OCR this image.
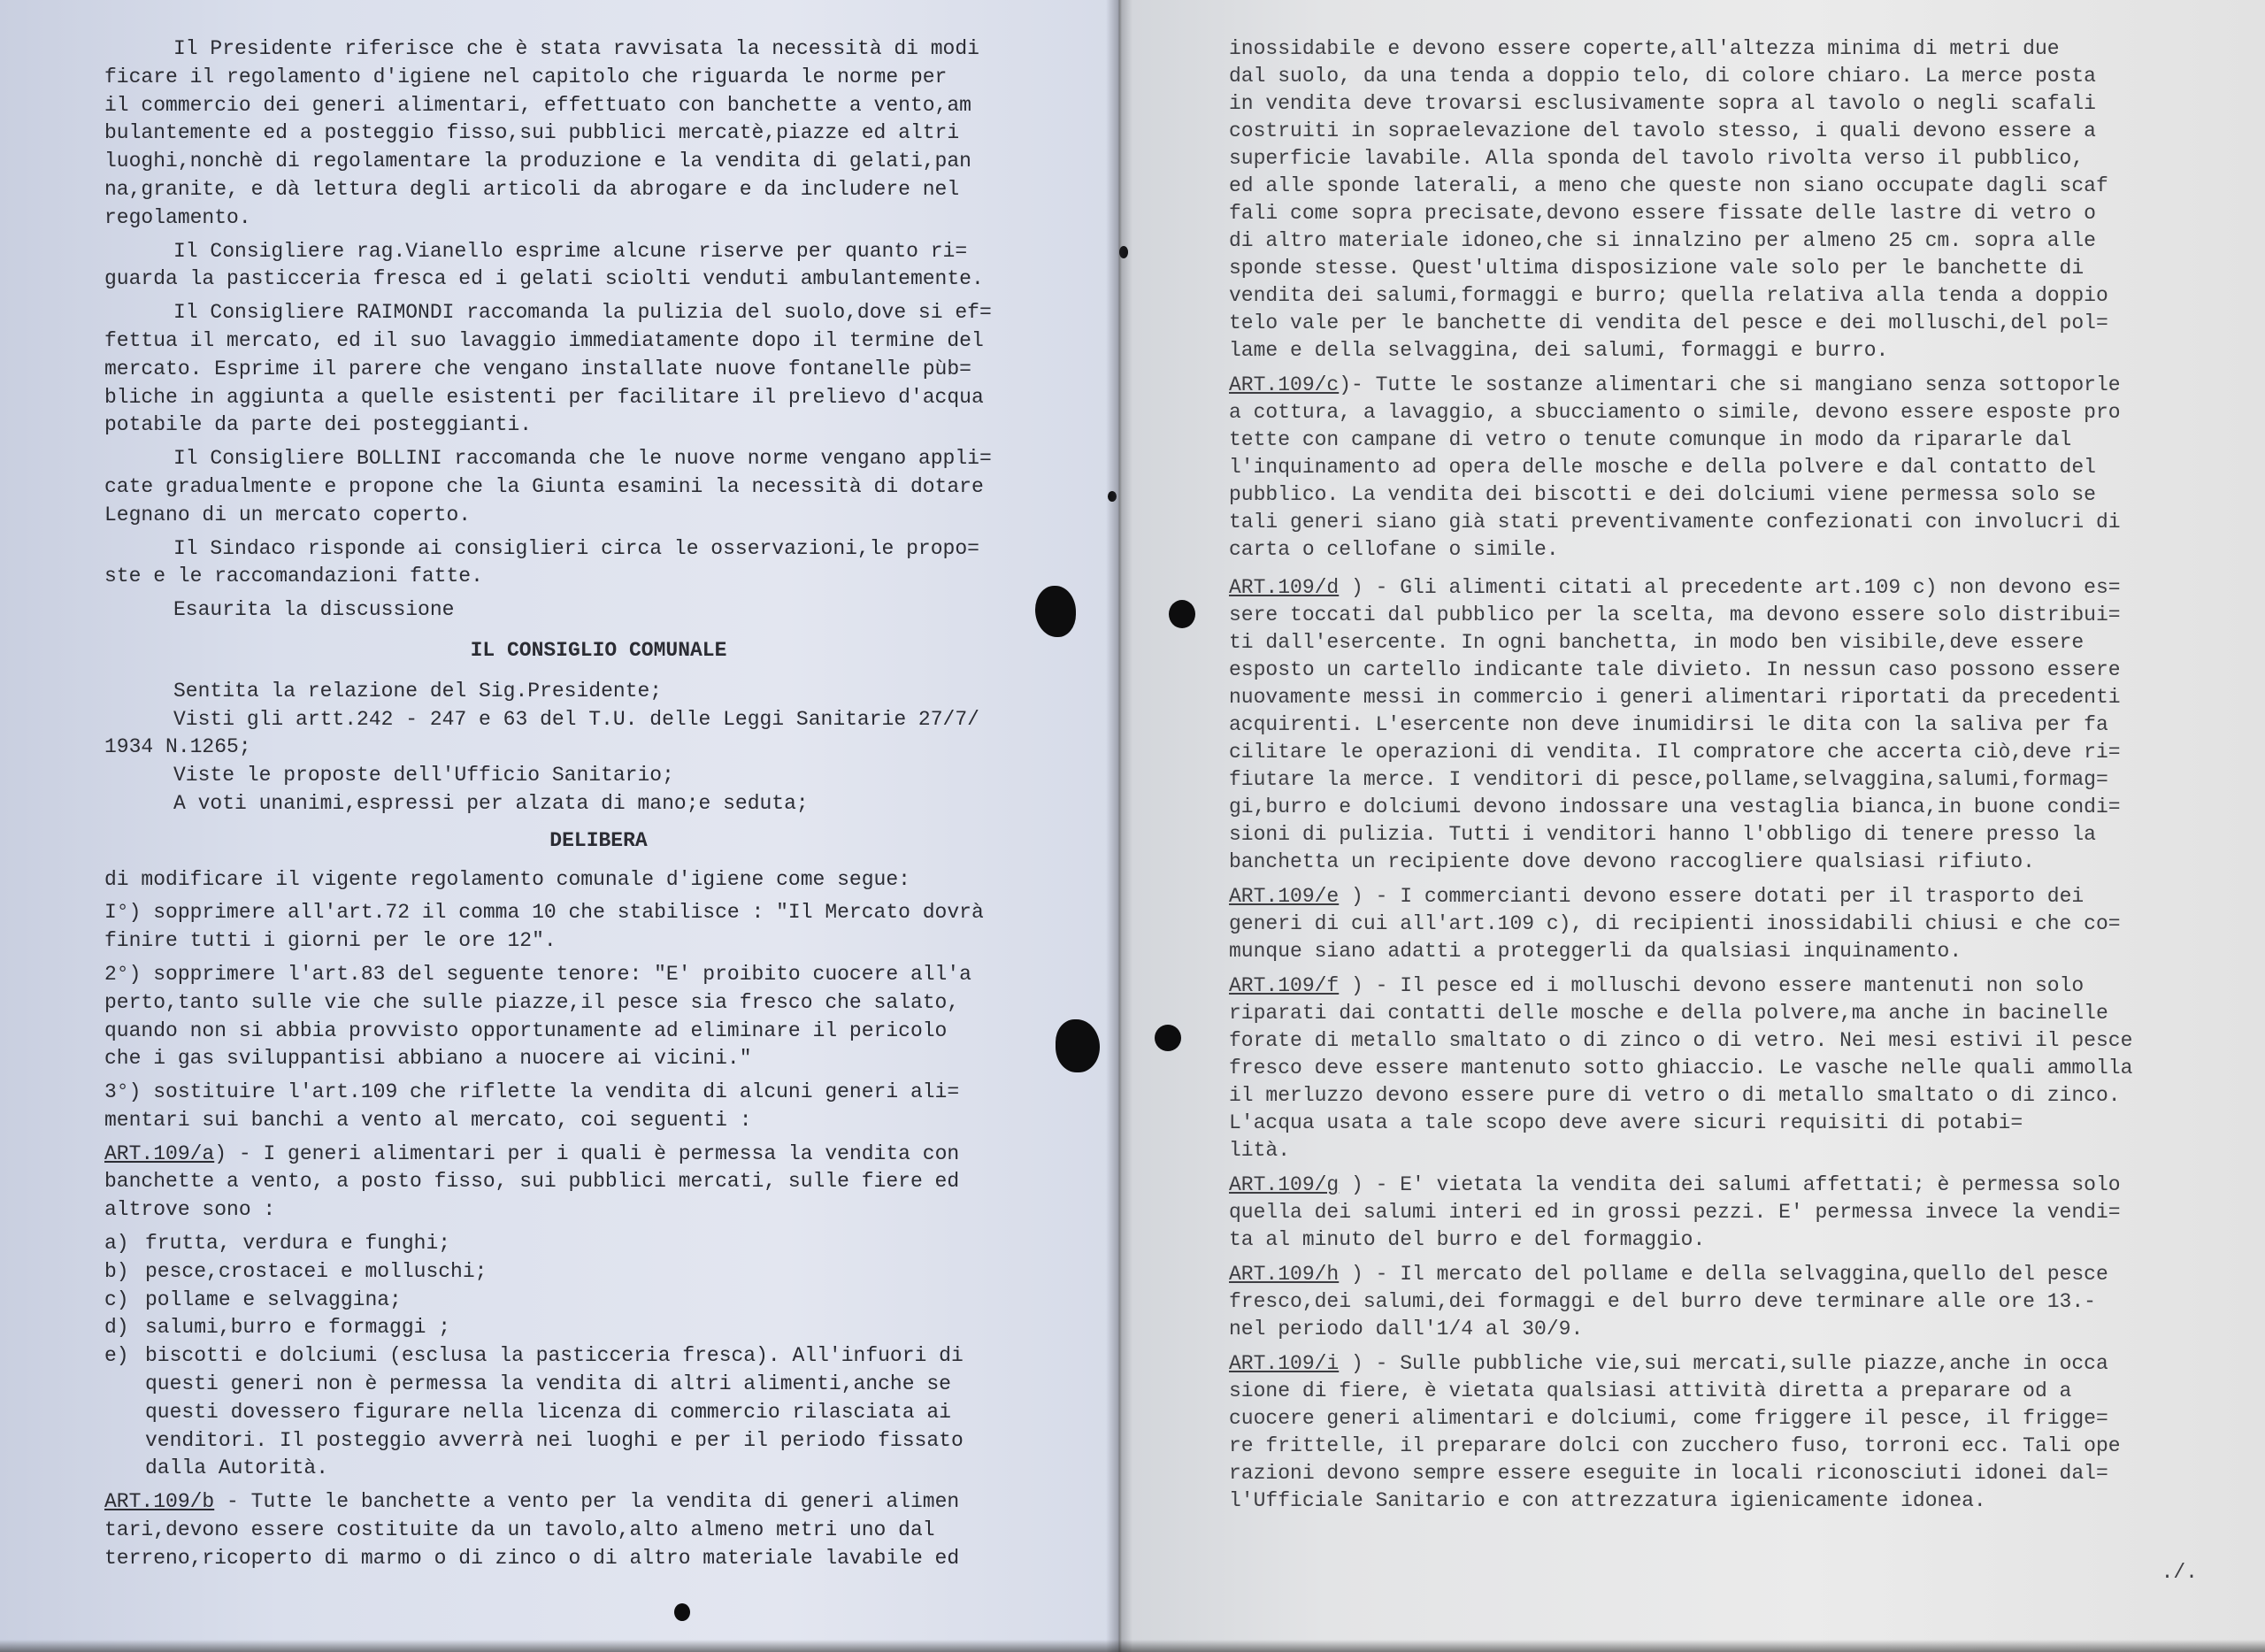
Il Presidente riferisce che è stata ravvisata la necessità di modi
ficare il regolamento d'igiene nel capitolo che riguarda le norme per
il commercio dei generi alimentari, effettuato con banchette a vento,am
bulantemente ed a posteggio fisso,sui pubblici mercatè,piazze ed altri
luoghi,nonchè di regolamentare la produzione e la vendita di gelati,pan
na,granite, e dà lettura degli articoli da abrogare e da includere nel
regolamento.

Il Consigliere rag.Vianello esprime alcune riserve per quanto ri=
guarda la pasticceria fresca ed i gelati sciolti venduti ambulantemente.

Il Consigliere RAIMONDI raccomanda la pulizia del suolo,dove si ef=
fettua il mercato, ed il suo lavaggio immediatamente dopo il termine del
mercato. Esprime il parere che vengano installate nuove fontanelle pùb=
bliche in aggiunta a quelle esistenti per facilitare il prelievo d'acqua
potabile da parte dei posteggianti.

Il Consigliere BOLLINI raccomanda che le nuove norme vengano appli=
cate gradualmente e propone che la Giunta esamini la necessità di dotare
Legnano di un mercato coperto.

Il Sindaco risponde ai consiglieri circa le osservazioni,le propo=
ste e le raccomandazioni fatte.

Esaurita la discussione

IL CONSIGLIO COMUNALE

Sentita la relazione del Sig.Presidente;

Visti gli artt.242 - 247 e 63 del T.U. delle Leggi Sanitarie 27/7/
1934 N.1265;

Viste le proposte dell'Ufficio Sanitario;

A voti unanimi,espressi per alzata di mano;e seduta;

DELIBERA

di modificare il vigente regolamento comunale d'igiene come segue:

I°) sopprimere all'art.72 il comma 10 che stabilisce : "Il Mercato dovrà
finire tutti i giorni per le ore 12".

2°) sopprimere l'art.83 del seguente tenore: "E' proibito cuocere all'a
perto,tanto sulle vie che sulle piazze,il pesce sia fresco che salato,
quando non si abbia provvisto opportunamente ad eliminare il pericolo
che i gas sviluppantisi abbiano a nuocere ai vicini."

3°) sostituire l'art.109 che riflette la vendita di alcuni generi ali=
mentari sui banchi a vento al mercato, coi seguenti :

ART.109/a) - I generi alimentari per i quali è permessa la vendita con
banchette a vento, a posto fisso, sui pubblici mercati, sulle fiere ed
altrove sono :

a) frutta, verdura e funghi;
b) pesce,crostacei e molluschi;
c) pollame e selvaggina;
d) salumi,burro e formaggi ;
e) biscotti e dolciumi (esclusa la pasticceria fresca). All'infuori di
questi generi non è permessa la vendita di altri alimenti,anche se
questi dovessero figurare nella licenza di commercio rilasciata ai
venditori. Il posteggio avverrà nei luoghi e per il periodo fissato
dalla Autorità.

ART.109/b - Tutte le banchette a vento per la vendita di generi alimen
tari,devono essere costituite da un tavolo,alto almeno metri uno dal
terreno,ricoperto di marmo o di zinco o di altro materiale lavabile ed

inossidabile e devono essere coperte,all'altezza minima di metri due
dal suolo, da una tenda a doppio telo, di colore chiaro. La merce posta
in vendita deve trovarsi esclusivamente sopra al tavolo o negli scafali
costruiti in sopraelevazione del tavolo stesso, i quali devono essere a
superficie lavabile. Alla sponda del tavolo rivolta verso il pubblico,
ed alle sponde laterali, a meno che queste non siano occupate dagli scaf
fali come sopra precisate,devono essere fissate delle lastre di vetro o
di altro materiale idoneo,che si innalzino per almeno 25 cm. sopra alle
sponde stesse. Quest'ultima disposizione vale solo per le banchette di
vendita dei salumi,formaggi e burro; quella relativa alla tenda a doppio
telo vale per le banchette di vendita del pesce e dei molluschi,del pol=
lame e della selvaggina, dei salumi, formaggi e burro.

ART.109/c)- Tutte le sostanze alimentari che si mangiano senza sottoporle
a cottura, a lavaggio, a sbucciamento o simile, devono essere esposte pro
tette con campane di vetro o tenute comunque in modo da ripararle dal
l'inquinamento ad opera delle mosche e della polvere e dal contatto del
pubblico. La vendita dei biscotti e dei dolciumi viene permessa solo se
tali generi siano già stati preventivamente confezionati con involucri di
carta o cellofane o simile.

ART.109/d ) - Gli alimenti citati al precedente art.109 c) non devono es=
sere toccati dal pubblico per la scelta, ma devono essere solo distribui=
ti dall'esercente. In ogni banchetta, in modo ben visibile,deve essere
esposto un cartello indicante tale divieto. In nessun caso possono essere
nuovamente messi in commercio i generi alimentari riportati da precedenti
acquirenti. L'esercente non deve inumidirsi le dita con la saliva per fa
cilitare le operazioni di vendita. Il compratore che accerta ciò,deve ri=
fiutare la merce. I venditori di pesce,pollame,selvaggina,salumi,formag=
gi,burro e dolciumi devono indossare una vestaglia bianca,in buone condi=
sioni di pulizia. Tutti i venditori hanno l'obbligo di tenere presso la
banchetta un recipiente dove devono raccogliere qualsiasi rifiuto.

ART.109/e ) - I commercianti devono essere dotati per il trasporto dei
generi di cui all'art.109 c), di recipienti inossidabili chiusi e che co=
munque siano adatti a proteggerli da qualsiasi inquinamento.

ART.109/f ) - Il pesce ed i molluschi devono essere mantenuti non solo
riparati dai contatti delle mosche e della polvere,ma anche in bacinelle
forate di metallo smaltato o di zinco o di vetro. Nei mesi estivi il pesce
fresco deve essere mantenuto sotto ghiaccio. Le vasche nelle quali ammolla
il merluzzo devono essere pure di vetro o di metallo smaltato o di zinco.
L'acqua usata a tale scopo deve avere sicuri requisiti di potabi=
lità.

ART.109/g ) - E' vietata la vendita dei salumi affettati; è permessa solo
quella dei salumi interi ed in grossi pezzi. E' permessa invece la vendi=
ta al minuto del burro e del formaggio.

ART.109/h ) - Il mercato del pollame e della selvaggina,quello del pesce
fresco,dei salumi,dei formaggi e del burro deve terminare alle ore 13.-
nel periodo dall'1/4 al 30/9.

ART.109/i ) - Sulle pubbliche vie,sui mercati,sulle piazze,anche in occa
sione di fiere, è vietata qualsiasi attività diretta a preparare od a
cuocere generi alimentari e dolciumi, come friggere il pesce, il frigge=
re frittelle, il preparare dolci con zucchero fuso, torroni ecc. Tali ope
razioni devono sempre essere eseguite in locali riconosciuti idonei dal=
l'Ufficiale Sanitario e con attrezzatura igienicamente idonea.

./.
